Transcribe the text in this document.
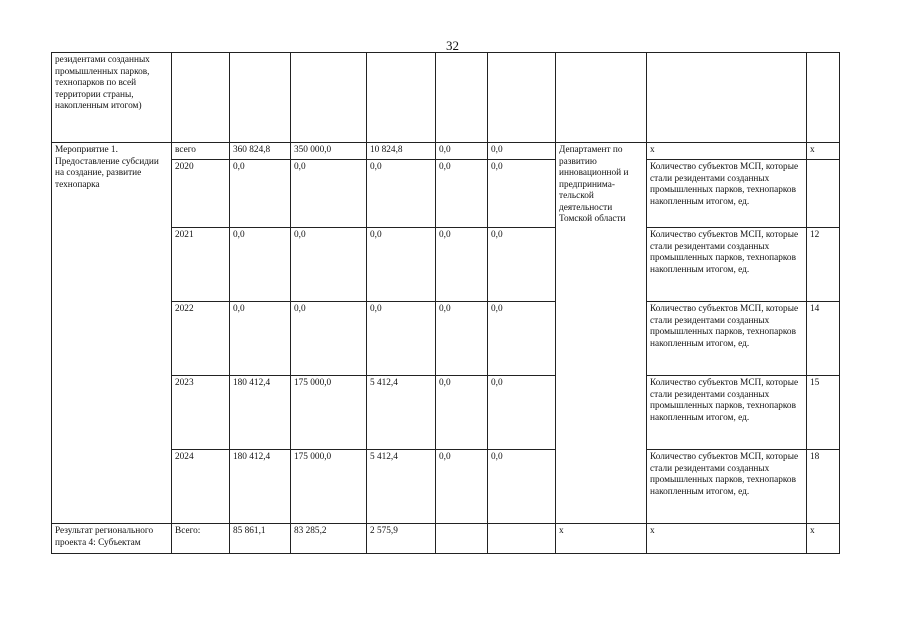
32
резидентами созданных промышленных парков, технопарков по всей территории страны, накопленным итогом)									
Мероприятие 1. Предоставление субсидии на создание, развитие технопарка	всего	360 824,8	350 000,0	10 824,8	0,0	0,0	Департамент по развитию инновационной и предпринима-тельской деятельности Томской области	x	x
	2020	0,0	0,0	0,0	0,0	0,0		Количество субъектов МСП, которые стали резидентами созданных промышленных парков, технопарков накопленным итогом, ед.	
	2021	0,0	0,0	0,0	0,0	0,0		Количество субъектов МСП, которые стали резидентами созданных промышленных парков, технопарков накопленным итогом, ед.	12
	2022	0,0	0,0	0,0	0,0	0,0		Количество субъектов МСП, которые стали резидентами созданных промышленных парков, технопарков накопленным итогом, ед.	14
	2023	180 412,4	175 000,0	5 412,4	0,0	0,0		Количество субъектов МСП, которые стали резидентами созданных промышленных парков, технопарков накопленным итогом, ед.	15
	2024	180 412,4	175 000,0	5 412,4	0,0	0,0		Количество субъектов МСП, которые стали резидентами созданных промышленных парков, технопарков накопленным итогом, ед.	18
Результат регионального проекта 4: Субъектам	Всего:	85 861,1	83 285,2	2 575,9			x	x	x
